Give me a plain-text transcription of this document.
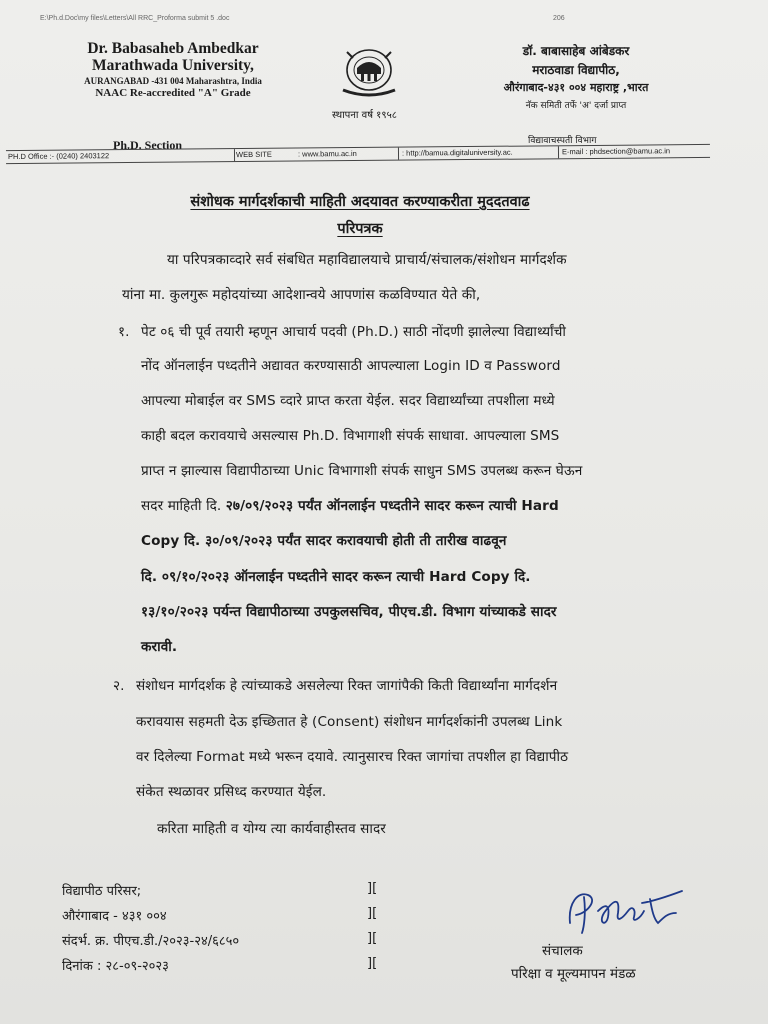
E:\Ph.d.Doc\my files\Letters\All RRC_Proforma submit 5 .doc	206
Dr. Babasaheb Ambedkar
Marathwada University,
AURANGABAD -431 004 Maharashtra, India
NAAC Re-accredited "A" Grade
स्थापना वर्ष १९५८
डॉ. बाबासाहेब आंबेडकर
मराठवाडा विद्यापीठ,
औरंगाबाद-४३१ ००४ महाराष्ट्र ,भारत
नॅक समिती तर्फे 'अ' दर्जा प्राप्त
Ph.D. Section	विद्यावाचस्पती विभाग
PH.D Office :- (0240) 2403122	WEB SITE	: www.bamu.ac.in	: http://bamua.digitaluniversity.ac.	E-mail : phdsection@bamu.ac.in
संशोधक मार्गदर्शकाची माहिती अदयावत करण्याकरीता मुददतवाढ
परिपत्रक
या परिपत्रकाव्दारे सर्व संबधित महाविद्यालयाचे प्राचार्य/संचालक/संशोधन मार्गदर्शक
यांना मा. कुलगुरू महोदयांच्या आदेशान्वये आपणांस कळविण्यात येते की,
१. पेट ०६ ची पूर्व तयारी म्हणून आचार्य पदवी (Ph.D.) साठी नोंदणी झालेल्या विद्यार्थ्यांची
नोंद ऑनलाईन पध्दतीने अद्यावत करण्यासाठी आपल्याला Login ID व Password
आपल्या मोबाईल वर SMS व्दारे प्राप्त करता येईल. सदर विद्यार्थ्यांच्या तपशीला मध्ये
काही बदल करावयाचे असल्यास Ph.D. विभागाशी संपर्क साधावा. आपल्याला SMS
प्राप्त न झाल्यास विद्यापीठाच्या Unic विभागाशी संपर्क साधुन SMS उपलब्ध करून घेऊन
सदर माहिती दि. २७/०९/२०२३ पर्यंत ऑनलाईन पध्दतीने सादर करून त्याची Hard
Copy दि. ३०/०९/२०२३ पर्यंत सादर करावयाची होती ती तारीख वाढवून
दि. ०९/१०/२०२३ ऑनलाईन पध्दतीने सादर करून त्याची Hard Copy दि.
१३/१०/२०२३ पर्यन्त विद्यापीठाच्या उपकुलसचिव, पीएच.डी. विभाग यांच्याकडे सादर
करावी.
२. संशोधन मार्गदर्शक हे त्यांच्याकडे असलेल्या रिक्त जागांपैकी किती विद्यार्थ्यांना मार्गदर्शन
करावयास सहमती देऊ इच्छितात हे (Consent) संशोधन मार्गदर्शकांनी उपलब्ध Link
वर दिलेल्या Format मध्ये भरून दयावे. त्यानुसारच रिक्त जागांचा तपशील हा विद्यापीठ
संकेत स्थळावर प्रसिध्द करण्यात येईल.
करिता माहिती व योग्य त्या कार्यवाहीस्तव सादर
विद्यापीठ परिसर;
औरंगाबाद - ४३१ ००४
संदर्भ. क्र. पीएच.डी./२०२३-२४/६८५०
दिनांक : २८-०९-२०२३
][
][
][
][
संचालक
परिक्षा व मूल्यमापन मंडळ
